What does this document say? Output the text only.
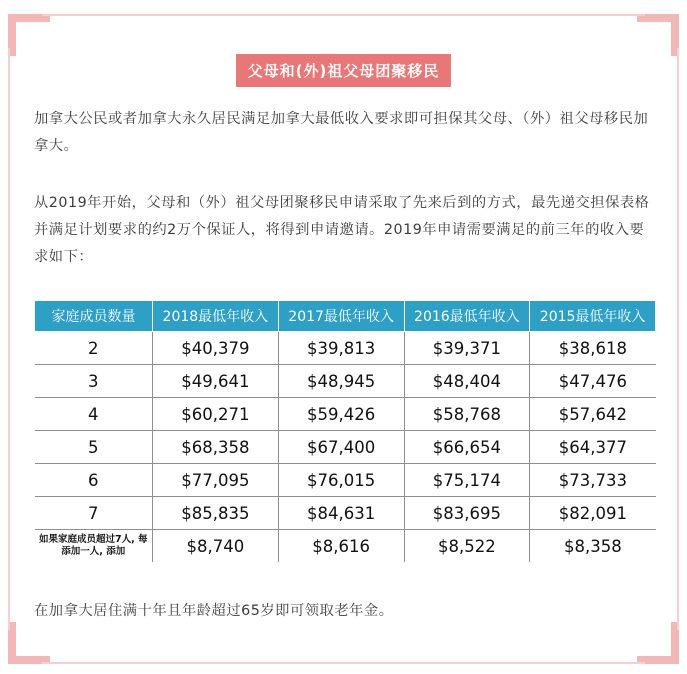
父母和(外)祖父母团聚移民
加拿大公民或者加拿大永久居民满足加拿大最低收入要求即可担保其父母、（外）祖父母移民加拿大。
从2019年开始，父母和（外）祖父母团聚移民申请采取了先来后到的方式，最先递交担保表格并满足计划要求的约2万个保证人，将得到申请邀请。2019年申请需要满足的前三年的收入要求如下：
家庭成员数量	2018最低年收入	2017最低年收入	2016最低年收入	2015最低年收入
2	$40,379	$39,813	$39,371	$38,618
3	$49,641	$48,945	$48,404	$47,476
4	$60,271	$59,426	$58,768	$57,642
5	$68,358	$67,400	$66,654	$64,377
6	$77,095	$76,015	$75,174	$73,733
7	$85,835	$84,631	$83,695	$82,091
如果家庭成员超过7人, 每添加一人, 添加	$8,740	$8,616	$8,522	$8,358
在加拿大居住满十年且年龄超过65岁即可领取老年金。
